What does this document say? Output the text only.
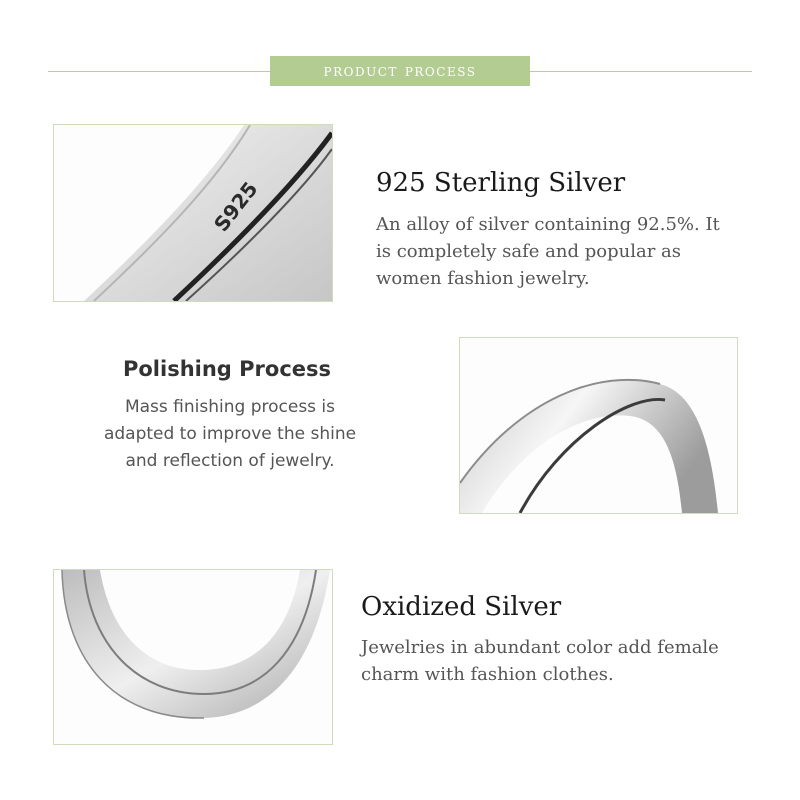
product process
S925	925 Sterling Silver
An alloy of silver containing 92.5%. It
is completely safe and popular as
women fashion jewelry.
Polishing Process
Mass finishing process is
adapted to improve the shine
and reflection of jewelry.
Oxidized Silver
Jewelries in abundant color add female
charm with fashion clothes.
